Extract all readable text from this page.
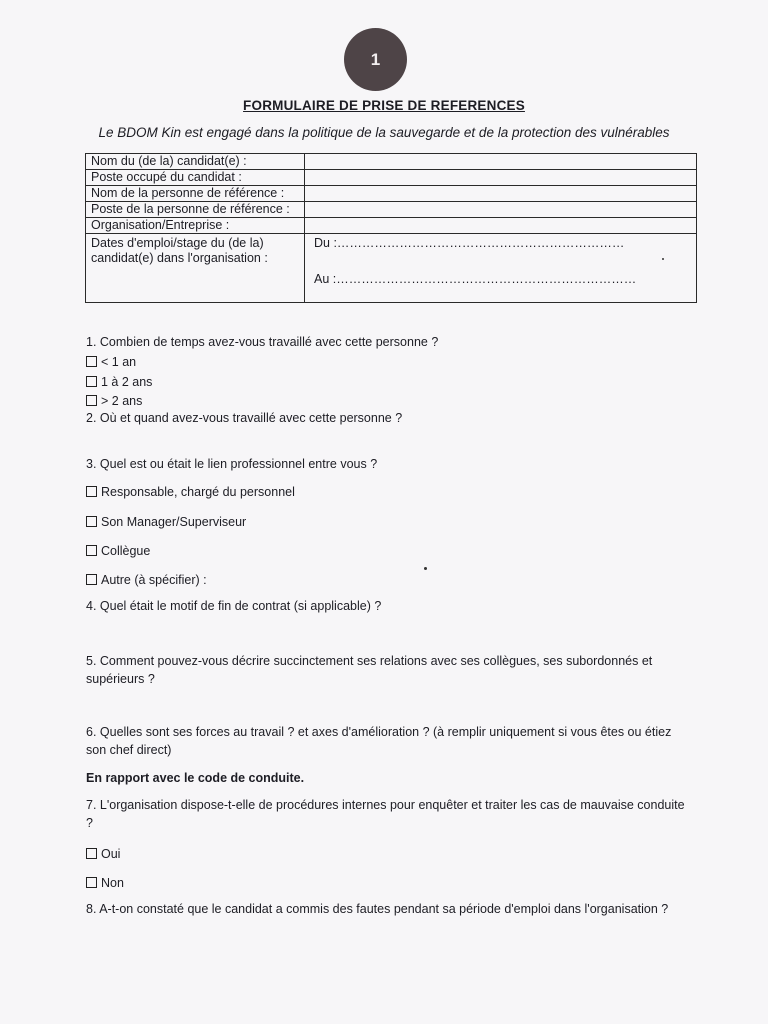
1
FORMULAIRE DE PRISE DE REFERENCES
Le BDOM Kin est engagé dans la politique de la sauvegarde et de la protection des vulnérables
Nom du (de la) candidat(e) :	
Poste occupé du candidat :	
Nom de la personne de référence :	
Poste de la personne de référence :	
Organisation/Entreprise :	
Dates d'emploi/stage du (de la) candidat(e) dans l'organisation :	Du :……………………………………………………………
Au :………………………………………………………………
1. Combien de temps avez-vous travaillé avec cette personne ?
< 1 an
1 à 2 ans
> 2 ans
2. Où et quand avez-vous travaillé avec cette personne ?
3. Quel est ou était le lien professionnel entre vous ?
Responsable, chargé du personnel
Son Manager/Superviseur
Collègue
Autre (à spécifier) :
4. Quel était le motif de fin de contrat (si applicable) ?
5. Comment pouvez-vous décrire succinctement ses relations avec ses collègues, ses subordonnés et supérieurs ?
6. Quelles sont ses forces au travail ? et axes d'amélioration ? (à remplir uniquement si vous êtes ou étiez son chef direct)
En rapport avec le code de conduite.
7. L'organisation dispose-t-elle de procédures internes pour enquêter et traiter les cas de mauvaise conduite ?
Oui
Non
8. A-t-on constaté que le candidat a commis des fautes pendant sa période d'emploi dans l'organisation ?
